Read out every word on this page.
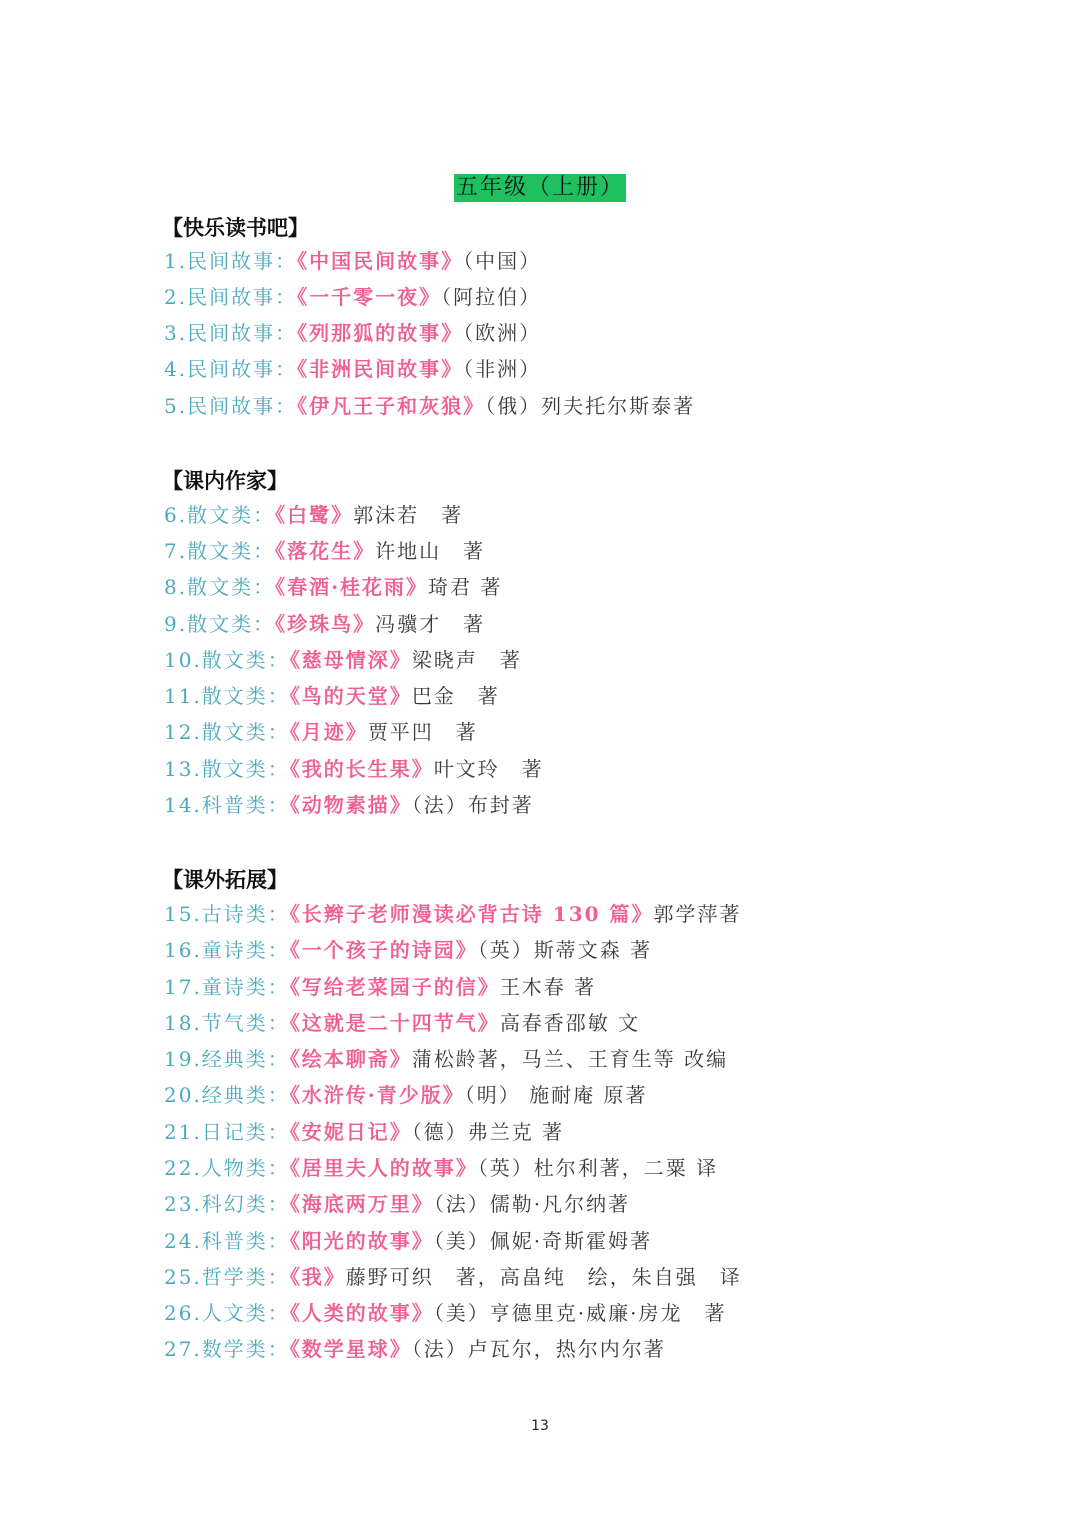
五年级（上册）
【快乐读书吧】
1.民间故事：《中国民间故事》（中国）
2.民间故事：《一千零一夜》（阿拉伯）
3.民间故事：《列那狐的故事》（欧洲）
4.民间故事：《非洲民间故事》（非洲）
5.民间故事：《伊凡王子和灰狼》（俄）列夫托尔斯泰著
【课内作家】
6.散文类：《白鹭》郭沫若　著
7.散文类：《落花生》许地山　著
8.散文类：《春酒·桂花雨》琦君 著
9.散文类：《珍珠鸟》冯骥才　著
10.散文类：《慈母情深》梁晓声　著
11.散文类：《鸟的天堂》巴金　著
12.散文类：《月迹》贾平凹　著
13.散文类：《我的长生果》叶文玲　著
14.科普类：《动物素描》（法）布封著
【课外拓展】
15.古诗类：《长辫子老师漫读必背古诗 130 篇》郭学萍著
16.童诗类：《一个孩子的诗园》（英）斯蒂文森 著
17.童诗类：《写给老菜园子的信》王木春 著
18.节气类：《这就是二十四节气》高春香邵敏 文
19.经典类：《绘本聊斋》蒲松龄著，马兰、王育生等 改编
20.经典类：《水浒传·青少版》（明） 施耐庵 原著
21.日记类：《安妮日记》（德）弗兰克 著
22.人物类：《居里夫人的故事》（英）杜尔利著，二粟 译
23.科幻类：《海底两万里》（法）儒勒·凡尔纳著
24.科普类：《阳光的故事》（美）佩妮·奇斯霍姆著
25.哲学类：《我》藤野可织　著，高畠纯　绘，朱自强　译
26.人文类：《人类的故事》（美）亨德里克·威廉·房龙　著
27.数学类：《数学星球》（法）卢瓦尔，热尔内尔著
13
